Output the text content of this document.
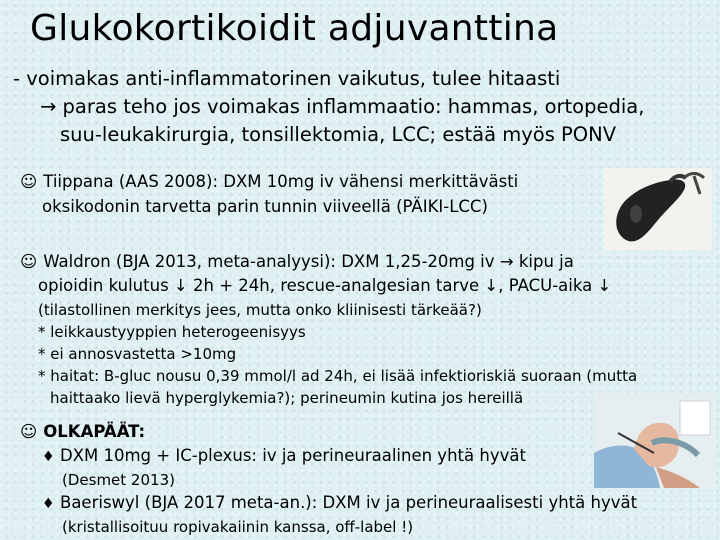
Glukokortikoidit adjuvanttina
- voimakas anti-inflammatorinen vaikutus, tulee hitaasti
→ paras teho jos voimakas inflammaatio: hammas, ortopedia,
suu-leukakirurgia, tonsillektomia, LCC; estää myös PONV
☺ Tiippana (AAS 2008): DXM 10mg iv vähensi merkittävästi
oksikodonin tarvetta parin tunnin viiveellä (PÄIKI-LCC)
☺ Waldron (BJA 2013, meta-analyysi): DXM 1,25-20mg iv → kipu ja
opioidin kulutus ↓ 2h + 24h, rescue-analgesian tarve ↓, PACU-aika ↓
(tilastollinen merkitys jees, mutta onko kliinisesti tärkeää?)
* leikkaustyyppien heterogeenisyys
* ei annosvastetta >10mg
* haitat: B-gluc nousu 0,39 mmol/l ad 24h, ei lisää infektioriskiä suoraan (mutta
haittaako lievä hyperglykemia?); perineumin kutina jos hereillä
☺ OLKAPÄÄT:
♦ DXM 10mg + IC-plexus: iv ja perineuraalinen yhtä hyvät
(Desmet 2013)
♦ Baeriswyl (BJA 2017 meta-an.): DXM iv ja perineuraalisesti yhtä hyvät
(kristallisoituu ropivakaiinin kanssa, off-label !)
